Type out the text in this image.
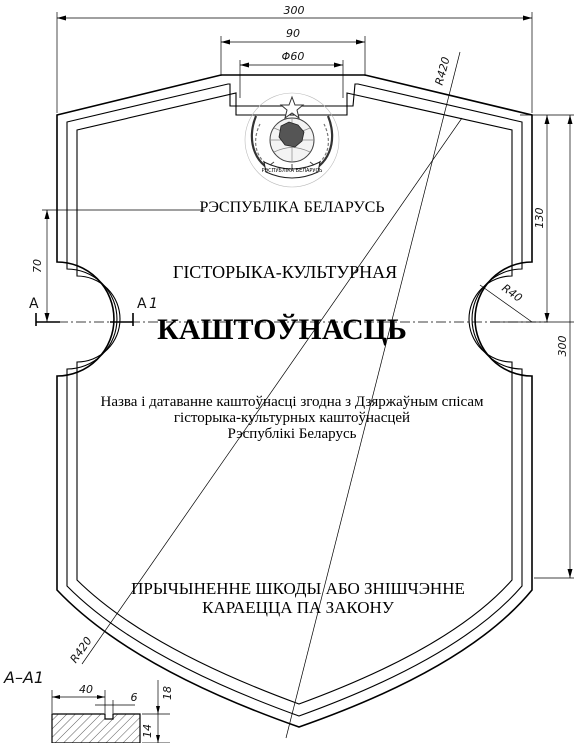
300
90
Φ60
130
300
70
R420
R420
R40
A	A 1
РЭСПУБЛІКА БЕЛАРУСЬ
РЭСПУБЛІКА БЕЛАРУСЬ
ГІСТОРЫКА-КУЛЬТУРНАЯ
КАШТОЎНАСЦЬ
Назва і датаванне каштоўнасці згодна з Дзяржаўным спісам
гісторыка-культурных каштоўнасцей
Рэспублікі Беларусь
ПРЫЧЫНЕННЕ ШКОДЫ АБО ЗНІШЧЭННЕ
КАРАЕЦЦА ПА ЗАКОНУ
А–А1
40
6 18
14
